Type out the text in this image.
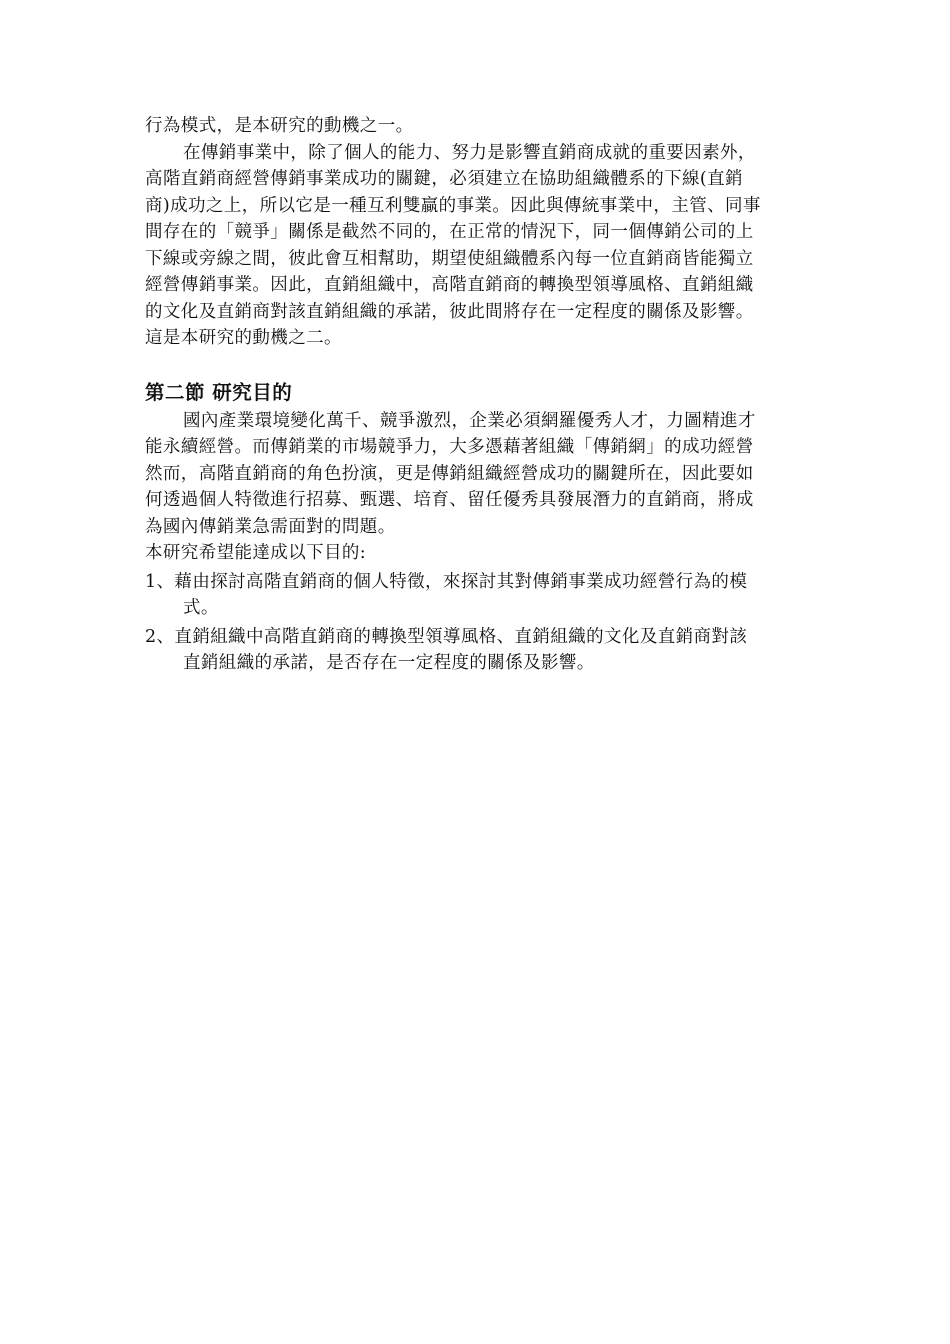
行為模式，是本研究的動機之一。
在傳銷事業中，除了個人的能力、努力是影響直銷商成就的重要因素外，
高階直銷商經營傳銷事業成功的關鍵，必須建立在協助組織體系的下線(直銷
商)成功之上，所以它是一種互利雙贏的事業。因此與傳統事業中，主管、同事
間存在的「競爭」關係是截然不同的，在正常的情況下，同一個傳銷公司的上
下線或旁線之間，彼此會互相幫助，期望使組織體系內每一位直銷商皆能獨立
經營傳銷事業。因此，直銷組織中，高階直銷商的轉換型領導風格、直銷組織
的文化及直銷商對該直銷組織的承諾，彼此間將存在一定程度的關係及影響。
這是本研究的動機之二。
第二節 研究目的
國內產業環境變化萬千、競爭激烈，企業必須網羅優秀人才，力圖精進才
能永續經營。而傳銷業的市場競爭力，大多憑藉著組織「傳銷網」的成功經營
然而，高階直銷商的角色扮演，更是傳銷組織經營成功的關鍵所在，因此要如
何透過個人特徵進行招募、甄選、培育、留任優秀具發展潛力的直銷商，將成
為國內傳銷業急需面對的問題。
本研究希望能達成以下目的:
1、藉由探討高階直銷商的個人特徵，來探討其對傳銷事業成功經營行為的模
式。
2、直銷組織中高階直銷商的轉換型領導風格、直銷組織的文化及直銷商對該
直銷組織的承諾，是否存在一定程度的關係及影響。
